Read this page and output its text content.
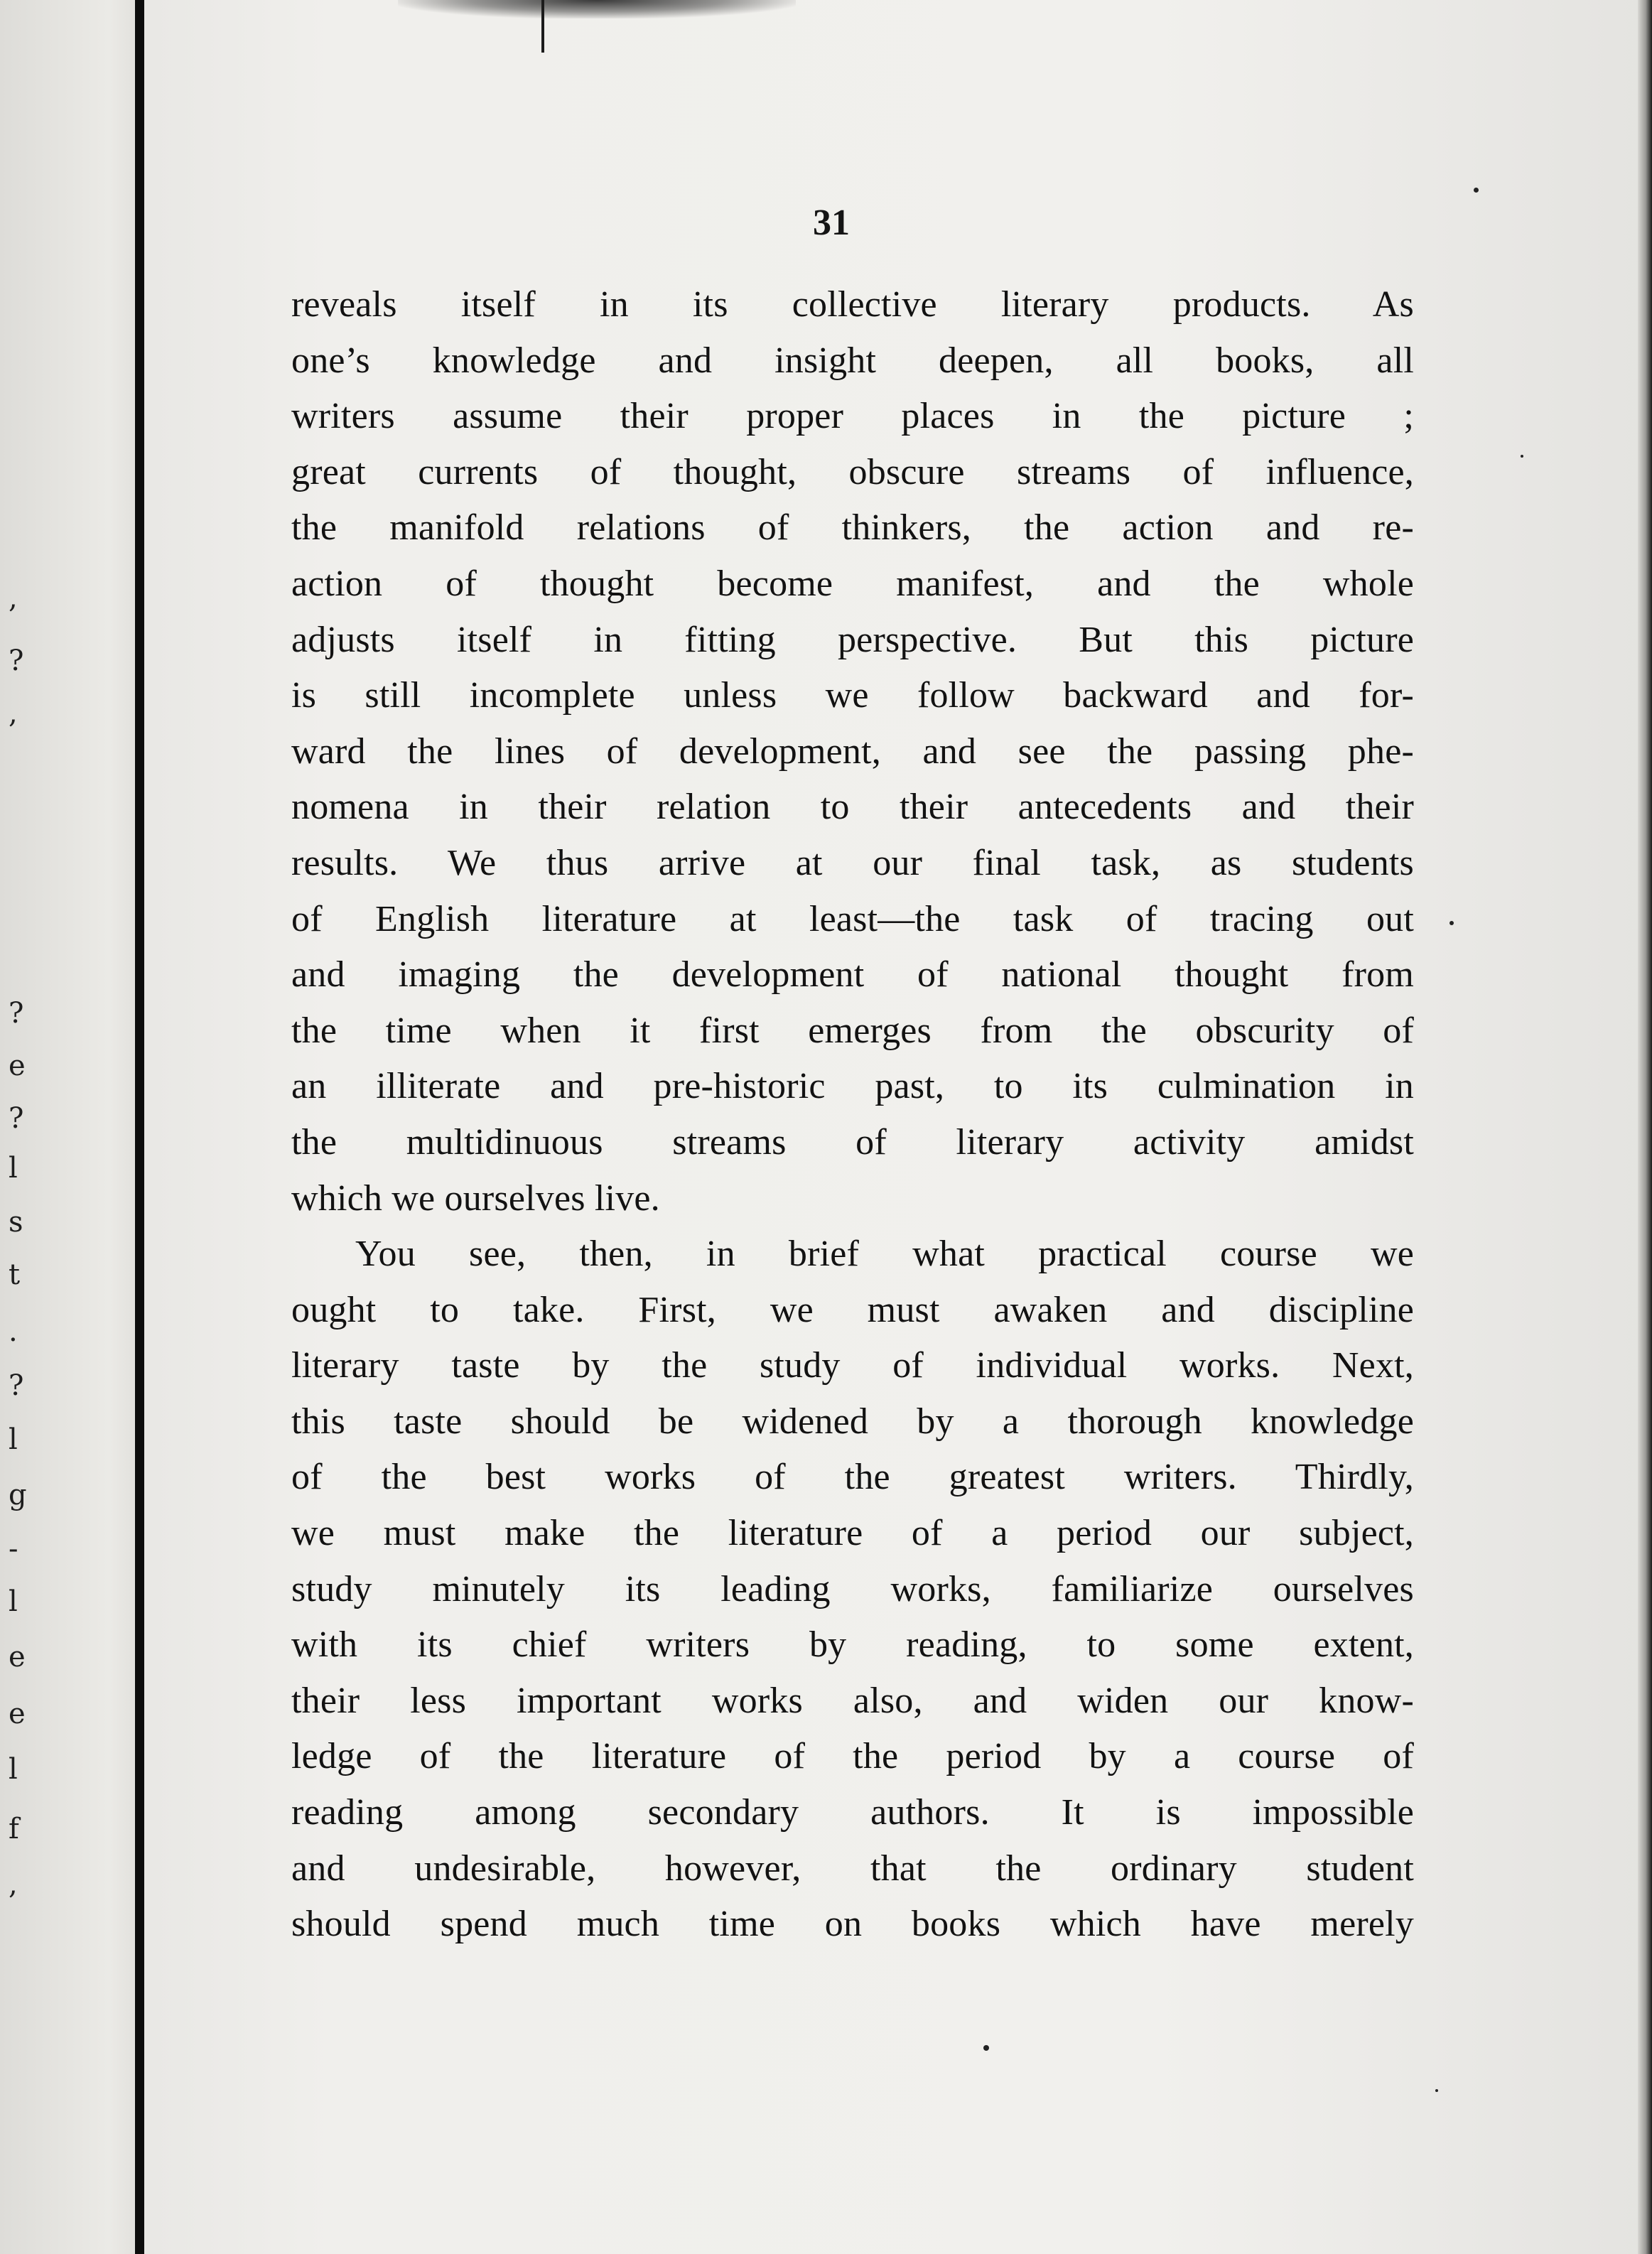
,
?
,
?
e
?
l
s
t
.
?
l
g
-
l
e
e
l
f
,
31
reveals itself in its collective literary products. As
one’s knowledge and insight deepen, all books, all
writers assume their proper places in the picture ;
great currents of thought, obscure streams of influence,
the manifold relations of thinkers, the action and re-
action of thought become manifest, and the whole
adjusts itself in fitting perspective. But this picture
is still incomplete unless we follow backward and for-
ward the lines of development, and see the passing phe-
nomena in their relation to their antecedents and their
results. We thus arrive at our final task, as students
of English literature at least—the task of tracing out
and imaging the development of national thought from
the time when it first emerges from the obscurity of
an illiterate and pre-historic past, to its culmination in
the multidinuous streams of literary activity amidst
which we ourselves live.
You see, then, in brief what practical course we
ought to take. First, we must awaken and discipline
literary taste by the study of individual works. Next,
this taste should be widened by a thorough knowledge
of the best works of the greatest writers. Thirdly,
we must make the literature of a period our subject,
study minutely its leading works, familiarize ourselves
with its chief writers by reading, to some extent,
their less important works also, and widen our know-
ledge of the literature of the period by a course of
reading among secondary authors. It is impossible
and undesirable, however, that the ordinary student
should spend much time on books which have merely
